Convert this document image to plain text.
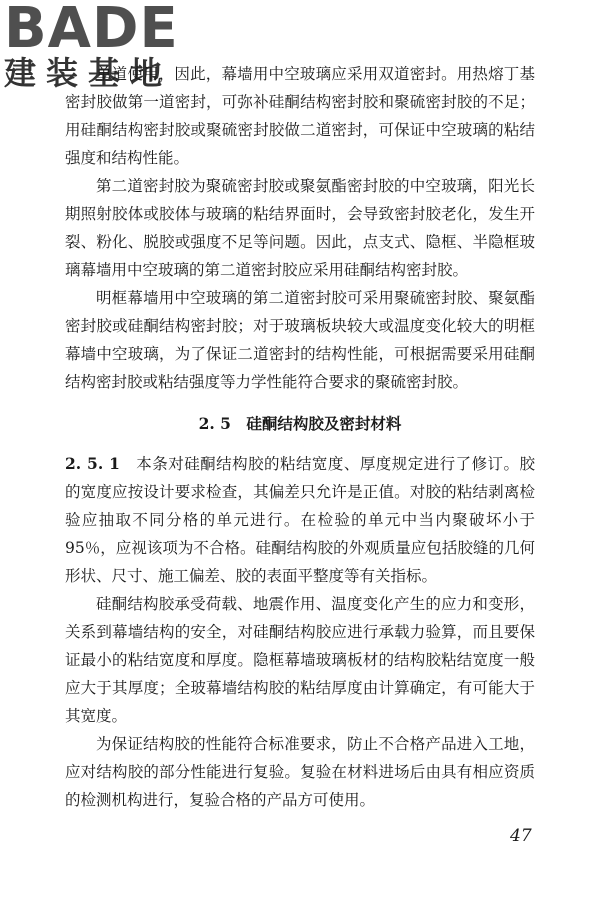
BADE
建装基地

单道使用，因此，幕墙用中空玻璃应采用双道密封。用热熔丁基密封胶做第一道密封，可弥补硅酮结构密封胶和聚硫密封胶的不足；用硅酮结构密封胶或聚硫密封胶做二道密封，可保证中空玻璃的粘结强度和结构性能。

第二道密封胶为聚硫密封胶或聚氨酯密封胶的中空玻璃，阳光长期照射胶体或胶体与玻璃的粘结界面时，会导致密封胶老化，发生开裂、粉化、脱胶或强度不足等问题。因此，点支式、隐框、半隐框玻璃幕墙用中空玻璃的第二道密封胶应采用硅酮结构密封胶。

明框幕墙用中空玻璃的第二道密封胶可采用聚硫密封胶、聚氨酯密封胶或硅酮结构密封胶；对于玻璃板块较大或温度变化较大的明框幕墙中空玻璃，为了保证二道密封的结构性能，可根据需要采用硅酮结构密封胶或粘结强度等力学性能符合要求的聚硫密封胶。

2. 5　硅酮结构胶及密封材料

2. 5. 1　本条对硅酮结构胶的粘结宽度、厚度规定进行了修订。胶的宽度应按设计要求检查，其偏差只允许是正值。对胶的粘结剥离检验应抽取不同分格的单元进行。在检验的单元中当内聚破坏小于 95％，应视该项为不合格。硅酮结构胶的外观质量应包括胶缝的几何形状、尺寸、施工偏差、胶的表面平整度等有关指标。

硅酮结构胶承受荷载、地震作用、温度变化产生的应力和变形，关系到幕墙结构的安全，对硅酮结构胶应进行承载力验算，而且要保证最小的粘结宽度和厚度。隐框幕墙玻璃板材的结构胶粘结宽度一般应大于其厚度；全玻幕墙结构胶的粘结厚度由计算确定，有可能大于其宽度。

为保证结构胶的性能符合标准要求，防止不合格产品进入工地，应对结构胶的部分性能进行复验。复验在材料进场后由具有相应资质的检测机构进行，复验合格的产品方可使用。

47
